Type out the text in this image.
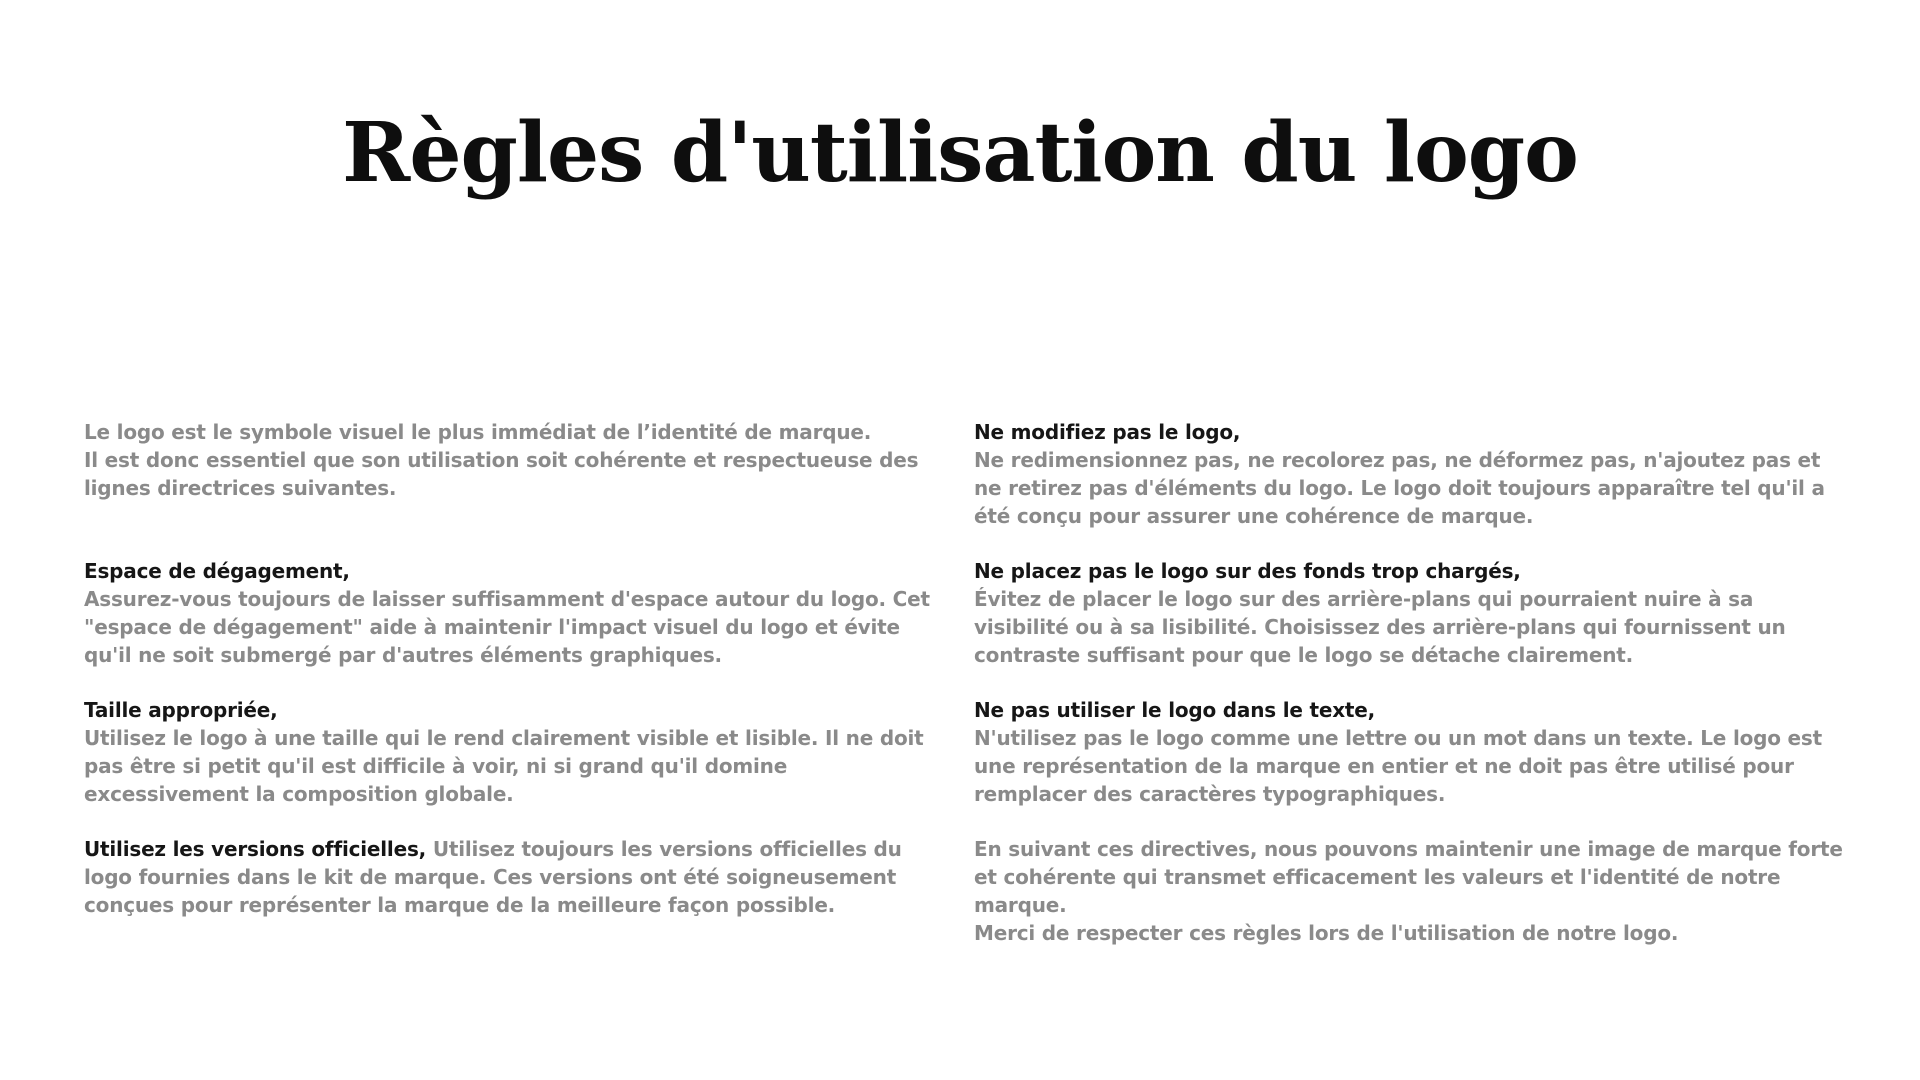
Règles d'utilisation du logo

Le logo est le symbole visuel le plus immédiat de l’identité de marque.
Il est donc essentiel que son utilisation soit cohérente et respectueuse des lignes directrices suivantes.

Espace de dégagement,
Assurez-vous toujours de laisser suffisamment d'espace autour du logo. Cet "espace de dégagement" aide à maintenir l'impact visuel du logo et évite qu'il ne soit submergé par d'autres éléments graphiques.

Taille appropriée,
Utilisez le logo à une taille qui le rend clairement visible et lisible. Il ne doit pas être si petit qu'il est difficile à voir, ni si grand qu'il domine excessivement la composition globale.

Utilisez les versions officielles, Utilisez toujours les versions officielles du logo fournies dans le kit de marque. Ces versions ont été soigneusement conçues pour représenter la marque de la meilleure façon possible.

Ne modifiez pas le logo,
Ne redimensionnez pas, ne recolorez pas, ne déformez pas, n'ajoutez pas et ne retirez pas d'éléments du logo. Le logo doit toujours apparaître tel qu'il a été conçu pour assurer une cohérence de marque.

Ne placez pas le logo sur des fonds trop chargés,
Évitez de placer le logo sur des arrière-plans qui pourraient nuire à sa visibilité ou à sa lisibilité. Choisissez des arrière-plans qui fournissent un contraste suffisant pour que le logo se détache clairement.

Ne pas utiliser le logo dans le texte,
N'utilisez pas le logo comme une lettre ou un mot dans un texte. Le logo est une représentation de la marque en entier et ne doit pas être utilisé pour remplacer des caractères typographiques.

En suivant ces directives, nous pouvons maintenir une image de marque forte et cohérente qui transmet efficacement les valeurs et l'identité de notre marque.
Merci de respecter ces règles lors de l'utilisation de notre logo.
